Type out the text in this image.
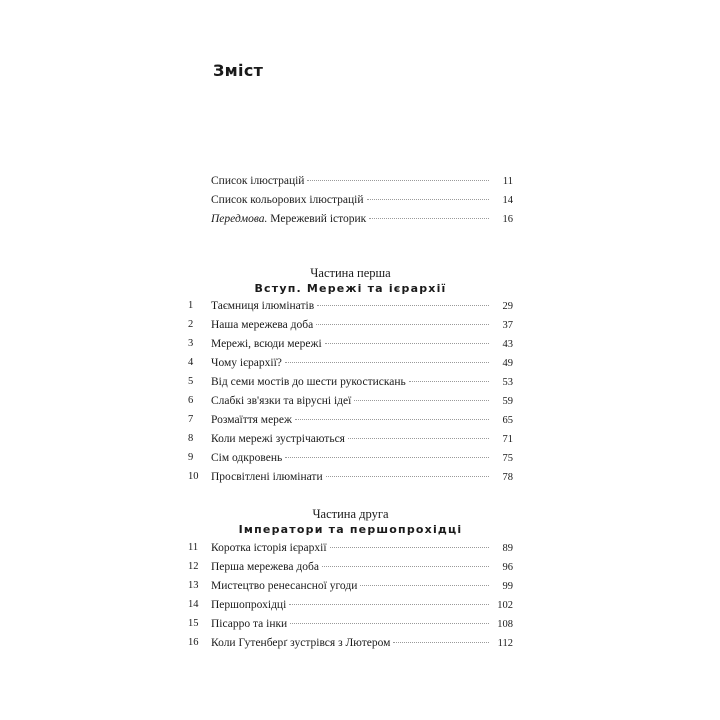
Зміст
Список ілюстрацій	11
Список кольорових ілюстрацій	14
Передмова. Мережевий історик	16
Частина перша
Вступ. Мережі та ієрархії
1	Таємниця ілюмінатів	29
2	Наша мережева доба	37
3	Мережі, всюди мережі	43
4	Чому ієрархії?	49
5	Від семи мостів до шести рукостискань	53
6	Слабкі зв'язки та вірусні ідеї	59
7	Розмаїття мереж	65
8	Коли мережі зустрічаються	71
9	Сім одкровень	75
10	Просвітлені ілюмінати	78
Частина друга
Імператори та першопрохідці
11	Коротка історія ієрархії	89
12	Перша мережева доба	96
13	Мистецтво ренесансної угоди	99
14	Першопрохідці	102
15	Пісарро та інки	108
16	Коли Гутенберґ зустрівся з Лютером	112
